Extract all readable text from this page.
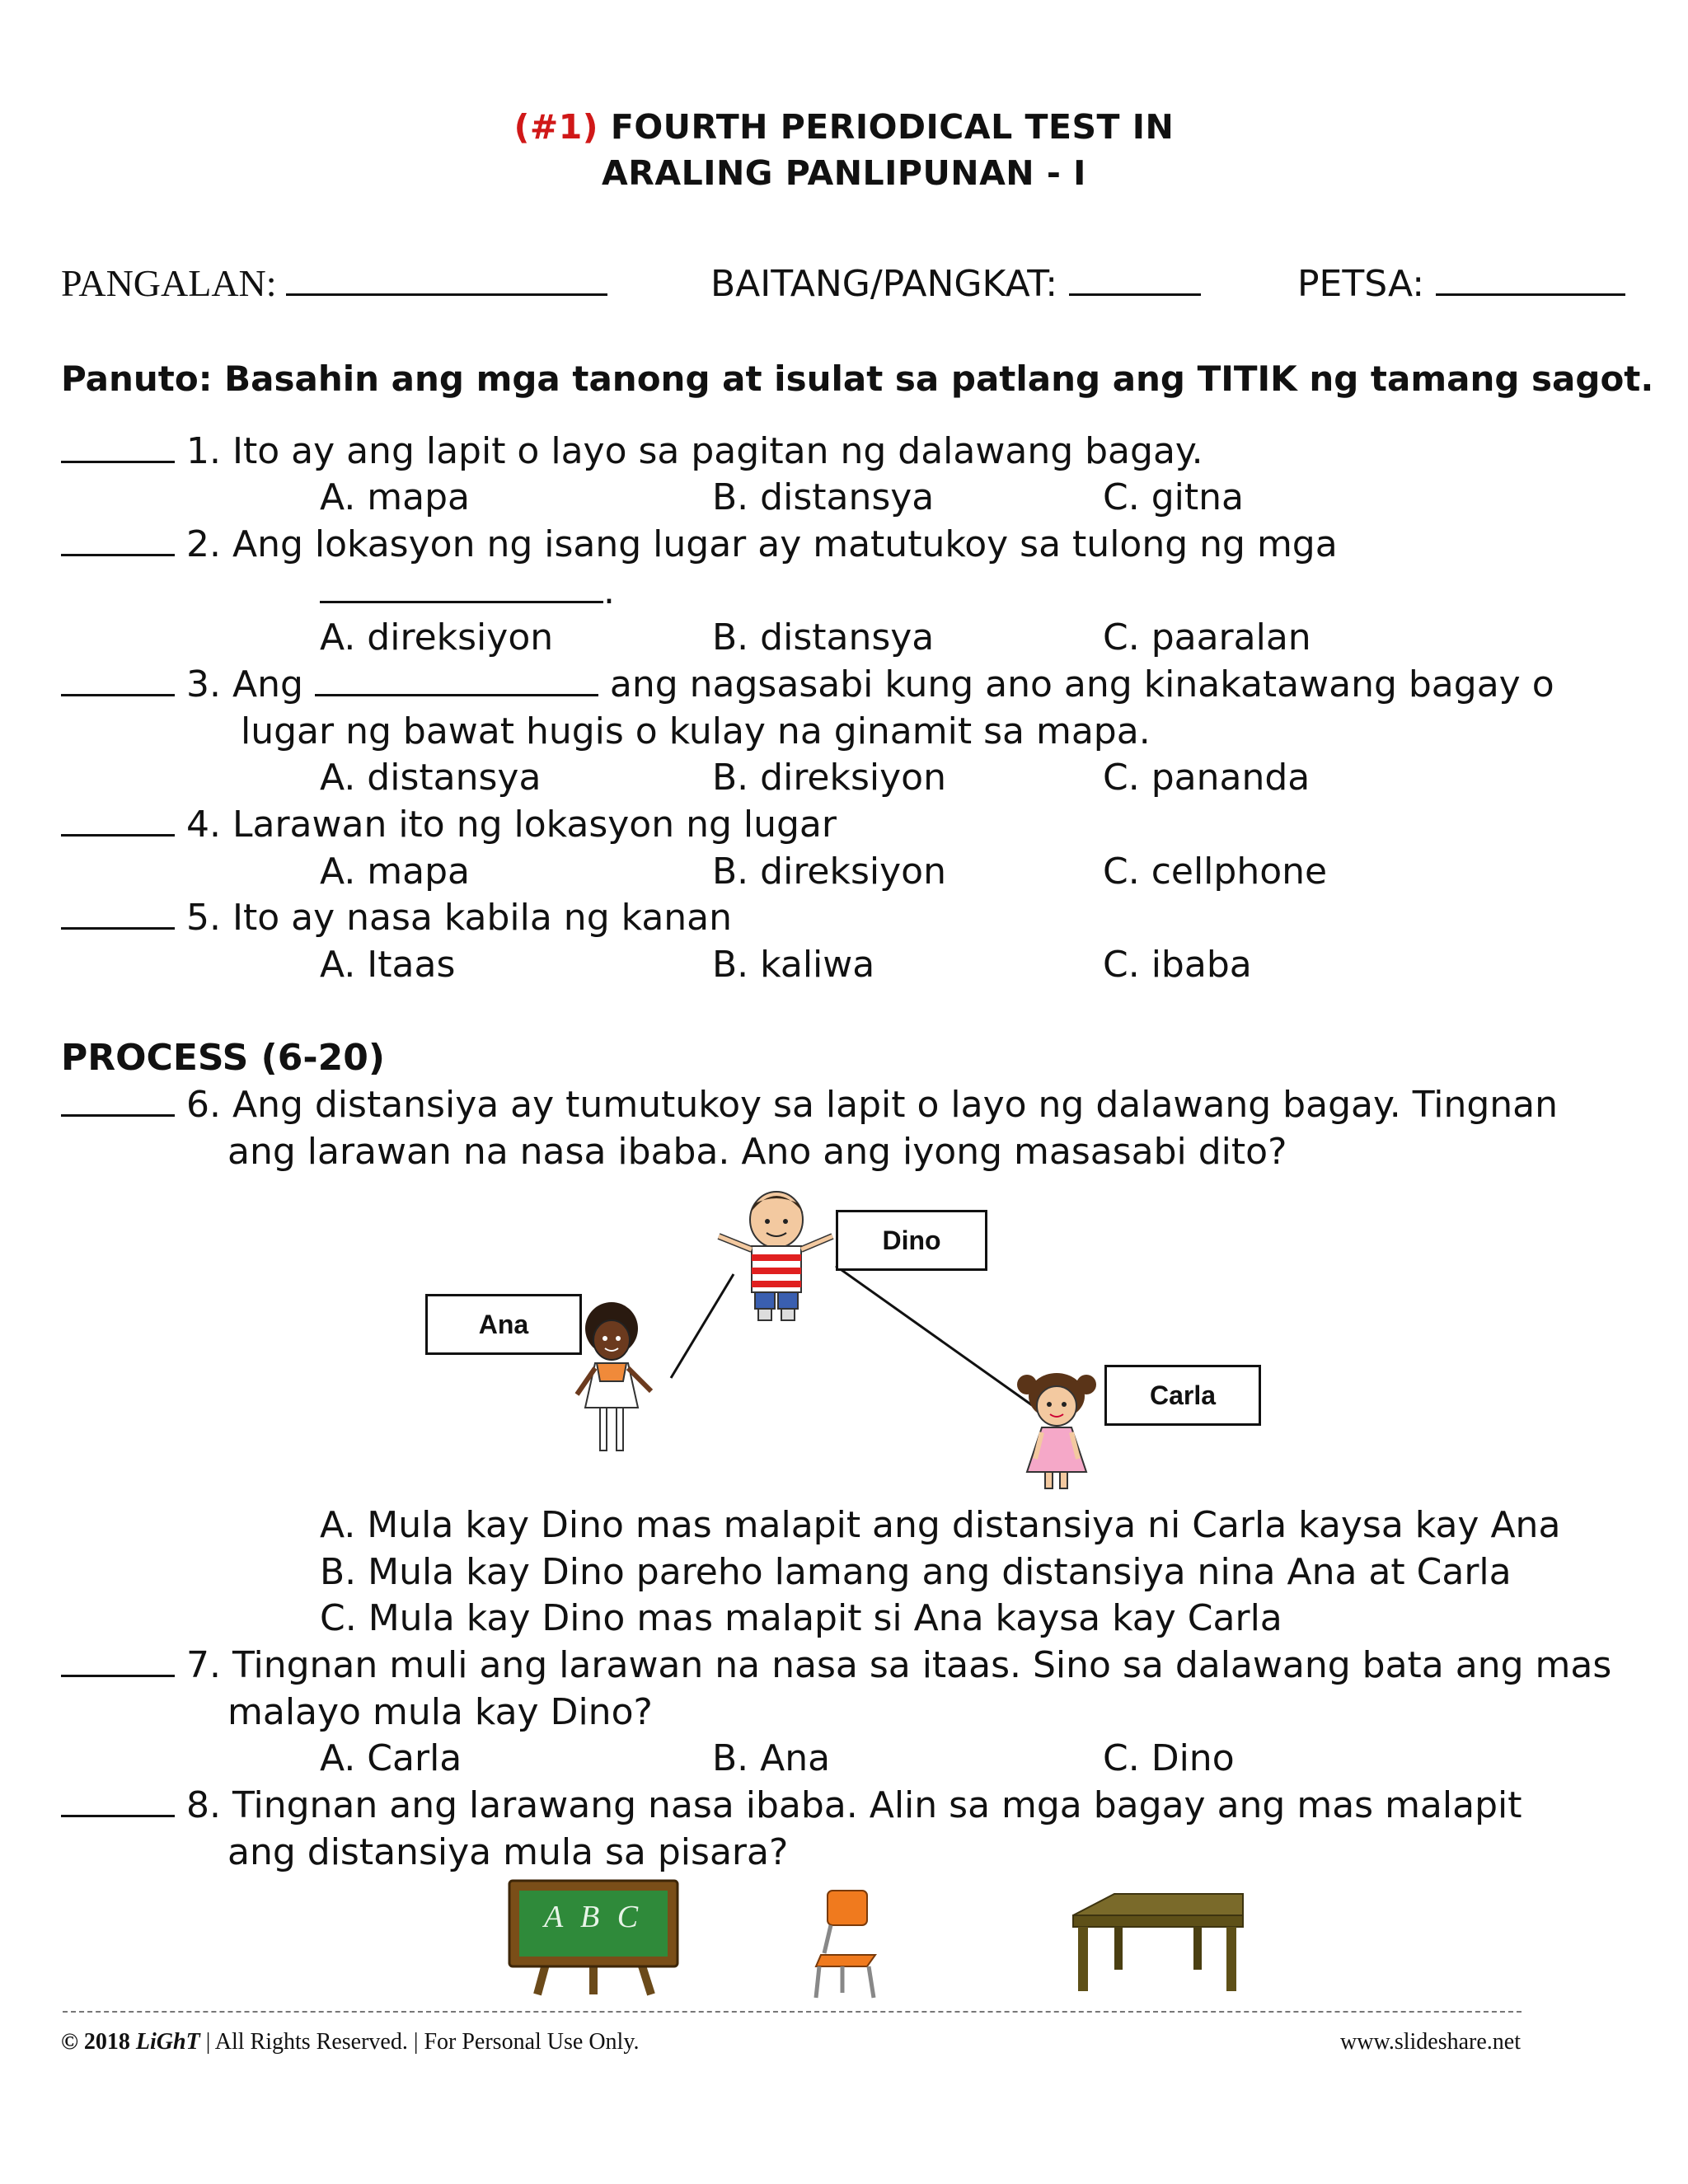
(#1) FOURTH PERIODICAL TEST IN
ARALING PANLIPUNAN - I
PANGALAN:	BAITANG/PANGKAT:	PETSA:
Panuto: Basahin ang mga tanong at isulat sa patlang ang TITIK ng tamang sagot.
1. Ito ay ang lapit o layo sa pagitan ng dalawang bagay.
A. mapa	B. distansya	C. gitna
2. Ang lokasyon ng isang lugar ay matutukoy sa tulong ng mga
.
A. direksiyon	B. distansya	C. paaralan
3. Ang	ang nagsasabi kung ano ang kinakatawang bagay o
lugar ng bawat hugis o kulay na ginamit sa mapa.
A. distansya	B. direksiyon	C. pananda
4. Larawan ito ng lokasyon ng lugar
A. mapa	B. direksiyon	C. cellphone
5. Ito ay nasa kabila ng kanan
A. Itaas	B. kaliwa	C. ibaba
PROCESS (6-20)
6. Ang distansiya ay tumutukoy sa lapit o layo ng dalawang bagay. Tingnan
ang larawan na nasa ibaba. Ano ang iyong masasabi dito?
Dino
Ana
Carla
A. Mula kay Dino mas malapit ang distansiya ni Carla kaysa kay Ana
B. Mula kay Dino pareho lamang ang distansiya nina Ana at Carla
C. Mula kay Dino mas malapit si Ana kaysa kay Carla
7. Tingnan muli ang larawan na nasa sa itaas. Sino sa dalawang bata ang mas
malayo mula kay Dino?
A. Carla	B. Ana	C. Dino
8. Tingnan ang larawang nasa ibaba. Alin sa mga bagay ang mas malapit
ang distansiya mula sa pisara?
A B C
© 2018 LiGhT | All Rights Reserved. | For Personal Use Only.	www.slideshare.net
